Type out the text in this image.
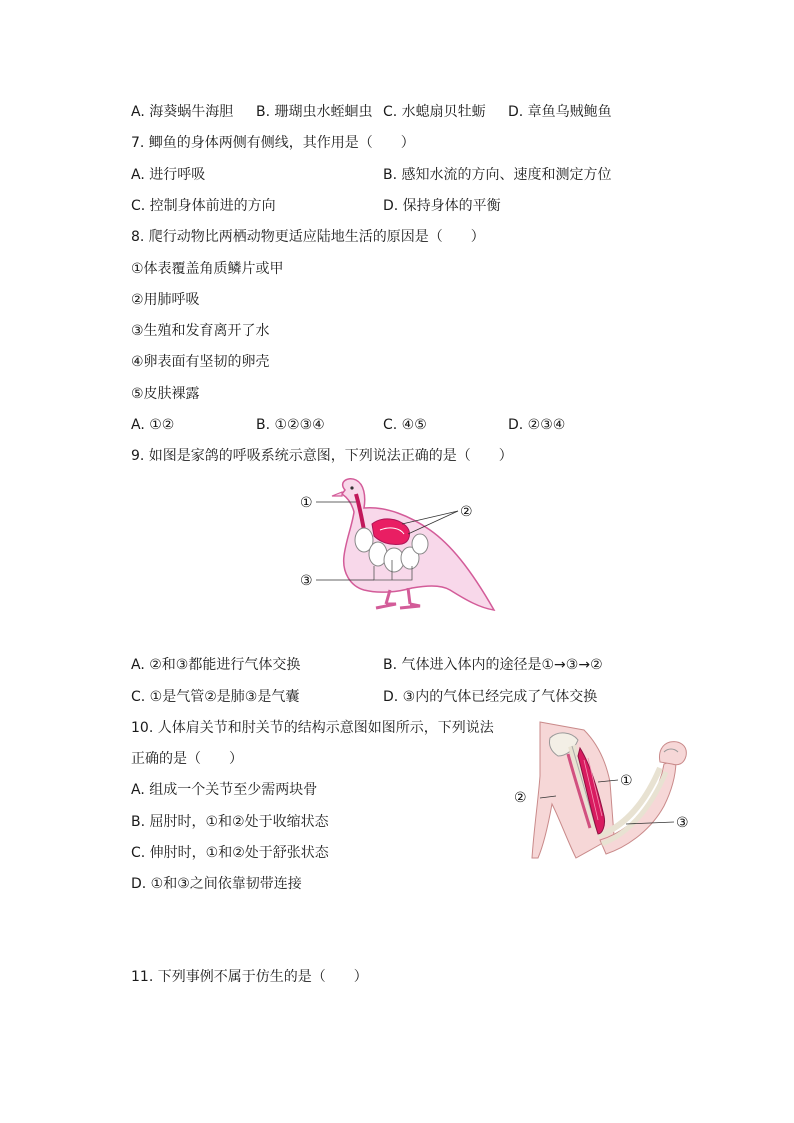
A. 海葵蜗牛海胆 B. 珊瑚虫水蛭蛔虫 C. 水螅扇贝牡蛎 D. 章鱼乌贼鲍鱼
7. 鲫鱼的身体两侧有侧线，其作用是（　　）
A. 进行呼吸	B. 感知水流的方向、速度和测定方位
C. 控制身体前进的方向	D. 保持身体的平衡
8. 爬行动物比两栖动物更适应陆地生活的原因是（　　）
①体表覆盖角质鳞片或甲
②用肺呼吸
③生殖和发育离开了水
④卵表面有坚韧的卵壳
⑤皮肤裸露
A. ①②	B. ①②③④	C. ④⑤	D. ②③④
9. 如图是家鸽的呼吸系统示意图，下列说法正确的是（　　）
①
②
③
A. ②和③都能进行气体交换	B. 气体进入体内的途径是①→③→②
C. ①是气管②是肺③是气囊	D. ③内的气体已经完成了气体交换
10. 人体肩关节和肘关节的结构示意图如图所示，下列说法
正确的是（　　）
A. 组成一个关节至少需两块骨
B. 屈肘时，①和②处于收缩状态
C. 伸肘时，①和②处于舒张状态
D. ①和③之间依靠韧带连接
①
②
③
11. 下列事例不属于仿生的是（　　）
